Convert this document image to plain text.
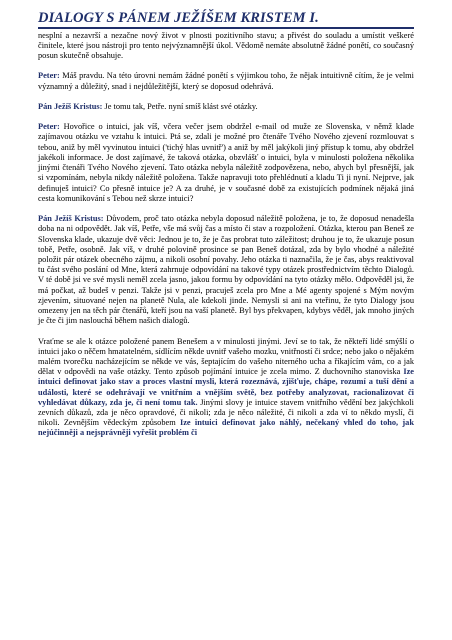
DIALOGY S PÁNEM JEŽÍŠEM KRISTEM I.

nesplní a nezavrší a nezačne nový život v plnosti pozitivního stavu; a přivést do souladu a umístit veškeré činitele, které jsou nástroji pro tento nejvýznamnější úkol. Vědomě nemáte absolutně žádné ponětí, co současný posun skutečně obsahuje.

Peter: Máš pravdu. Na této úrovni nemám žádné ponětí s výjimkou toho, že nějak intuitivně cítím, že je velmi významný a důležitý, snad i nejdůležitější, který se doposud odehrává.

Pán Ježíš Kristus: Je tomu tak, Petře. nyní smíš klást své otázky.

Peter: Hovořice o intuici, jak víš, včera večer jsem obdržel e-mail od muže ze Slovenska, v němž klade zajímavou otázku ve vztahu k intuici. Ptá se, zdali je možné pro čtenáře Tvého Nového zjevení rozmlouvat s tebou, aniž by měl vyvinutou intuici ('tichý hlas uvnitř') a aniž by měl jakýkoli jiný přístup k tomu, aby obdržel jakékoli informace. Je dost zajímavé, že taková otázka, obzvlášť o intuici, byla v minulosti položena několika jinými čtenáři Tvého Nového zjevení. Tato otázka nebyla náležitě zodpovězena, nebo, abych byl přesnější, jak si vzpomínám, nebyla nikdy náležitě položena. Takže napravuji toto přehlédnutí a kladu Ti ji nyní. Nejprve, jak definuješ intuici? Co přesně intuice je? A za druhé, je v současné době za existujících podmínek nějaká jiná cesta komunikování s Tebou než skrze intuici?

Pán Ježíš Kristus: Důvodem, proč tato otázka nebyla doposud náležitě položena, je to, že doposud nenadešla doba na ni odpovědět. Jak víš, Petře, vše má svůj čas a místo či stav a rozpoložení. Otázka, kterou pan Beneš ze Slovenska klade, ukazuje dvě věci: Jednou je to, že je čas probrat tuto záležitost; druhou je to, že ukazuje posun tobě, Petře, osobně. Jak víš, v druhé polovině prosince se pan Beneš dotázal, zda by bylo vhodné a náležité položit pár otázek obecného zájmu, a nikoli osobní povahy. Jeho otázka ti naznačila, že je čas, abys reaktivoval tu část svého poslání od Mne, která zahrnuje odpovídání na takové typy otázek prostřednictvím těchto Dialogů. V té době jsi ve své mysli neměl zcela jasno, jakou formu by odpovídání na tyto otázky mělo. Odpověděl jsi, že má počkat, až budeš v penzi. Takže jsi v penzi, pracuješ zcela pro Mne a Mé agenty spojené s Mým novým zjevením, situované nejen na planetě Nula, ale kdekoli jinde. Nemysli si ani na vteřinu, že tyto Dialogy jsou omezeny jen na těch pár čtenářů, kteří jsou na vaší planetě. Byl bys překvapen, kdybys věděl, jak mnoho jiných je čte či jim naslouchá během našich dialogů.

Vraťme se ale k otázce položené panem Benešem a v minulosti jinými. Jeví se to tak, že někteří lidé smýšlí o intuici jako o něčem hmatatelném, sídlícím někde uvnitř vašeho mozku, vnitřností či srdce; nebo jako o nějakém malém tvorečku nacházejícím se někde ve vás, šeptajícím do vašeho niterného ucha a říkajícím vám, co a jak dělat v odpovědi na vaše otázky. Tento způsob pojímání intuice je zcela mimo. Z duchovního stanoviska Ize intuici definovat jako stav a proces vlastní mysli, která rozeznává, zjišťuje, chápe, rozumí a tuší dění a události, které se odehrávají ve vnitřním a vnějším světě, bez potřeby analyzovat, racionalizovat či vyhledávat důkazy, zda je, či není tomu tak. Jinými slovy je intuice stavem vnitřního vědění bez jakýchkoli zevních důkazů, zda je něco opravdové, či nikoli; zda je něco náležité, či nikoli a zda ví to někdo myslí, či nikoli. Zevnějším vědeckým způsobem Ize intuici definovat jako náhlý, nečekaný vhled do toho, jak nejúčinněji a nejsprávněji vyřešit problém či
